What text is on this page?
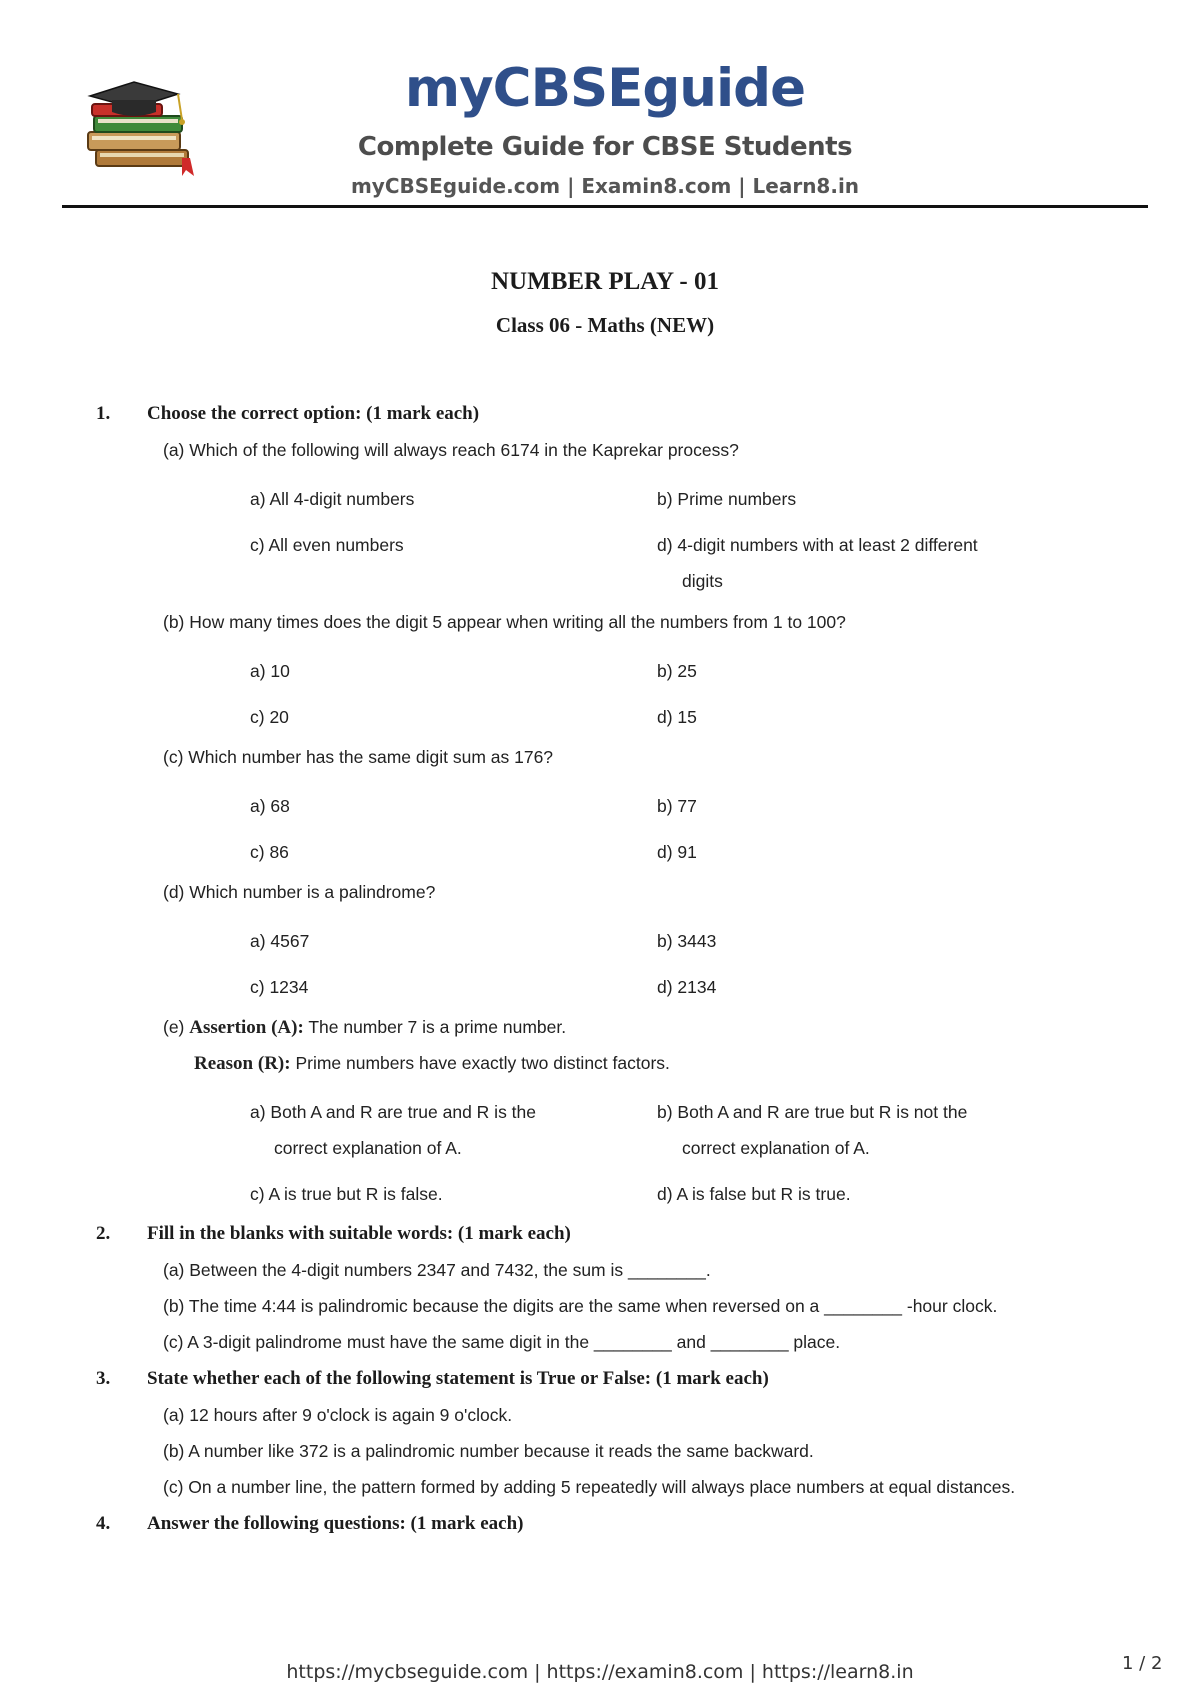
myCBSEguide
Complete Guide for CBSE Students
myCBSEguide.com | Examin8.com | Learn8.in
NUMBER PLAY - 01
Class 06 - Maths (NEW)
1. Choose the correct option: (1 mark each)
(a) Which of the following will always reach 6174 in the Kaprekar process?
a) All 4-digit numbers	b) Prime numbers
c) All even numbers	d) 4-digit numbers with at least 2 different
digits
(b) How many times does the digit 5 appear when writing all the numbers from 1 to 100?
a) 10	b) 25
c) 20	d) 15
(c) Which number has the same digit sum as 176?
a) 68	b) 77
c) 86	d) 91
(d) Which number is a palindrome?
a) 4567	b) 3443
c) 1234	d) 2134
(e) Assertion (A): The number 7 is a prime number.
Reason (R): Prime numbers have exactly two distinct factors.
a) Both A and R are true and R is the
correct explanation of A.
b) Both A and R are true but R is not the
correct explanation of A.
c) A is true but R is false.	d) A is false but R is true.
2. Fill in the blanks with suitable words: (1 mark each)
(a) Between the 4-digit numbers 2347 and 7432, the sum is ________.
(b) The time 4:44 is palindromic because the digits are the same when reversed on a ________ -hour clock.
(c) A 3-digit palindrome must have the same digit in the ________ and ________ place.
3. State whether each of the following statement is True or False: (1 mark each)
(a) 12 hours after 9 o'clock is again 9 o'clock.
(b) A number like 372 is a palindromic number because it reads the same backward.
(c) On a number line, the pattern formed by adding 5 repeatedly will always place numbers at equal distances.
4. Answer the following questions: (1 mark each)
https://mycbseguide.com | https://examin8.com | https://learn8.in	1 / 2
